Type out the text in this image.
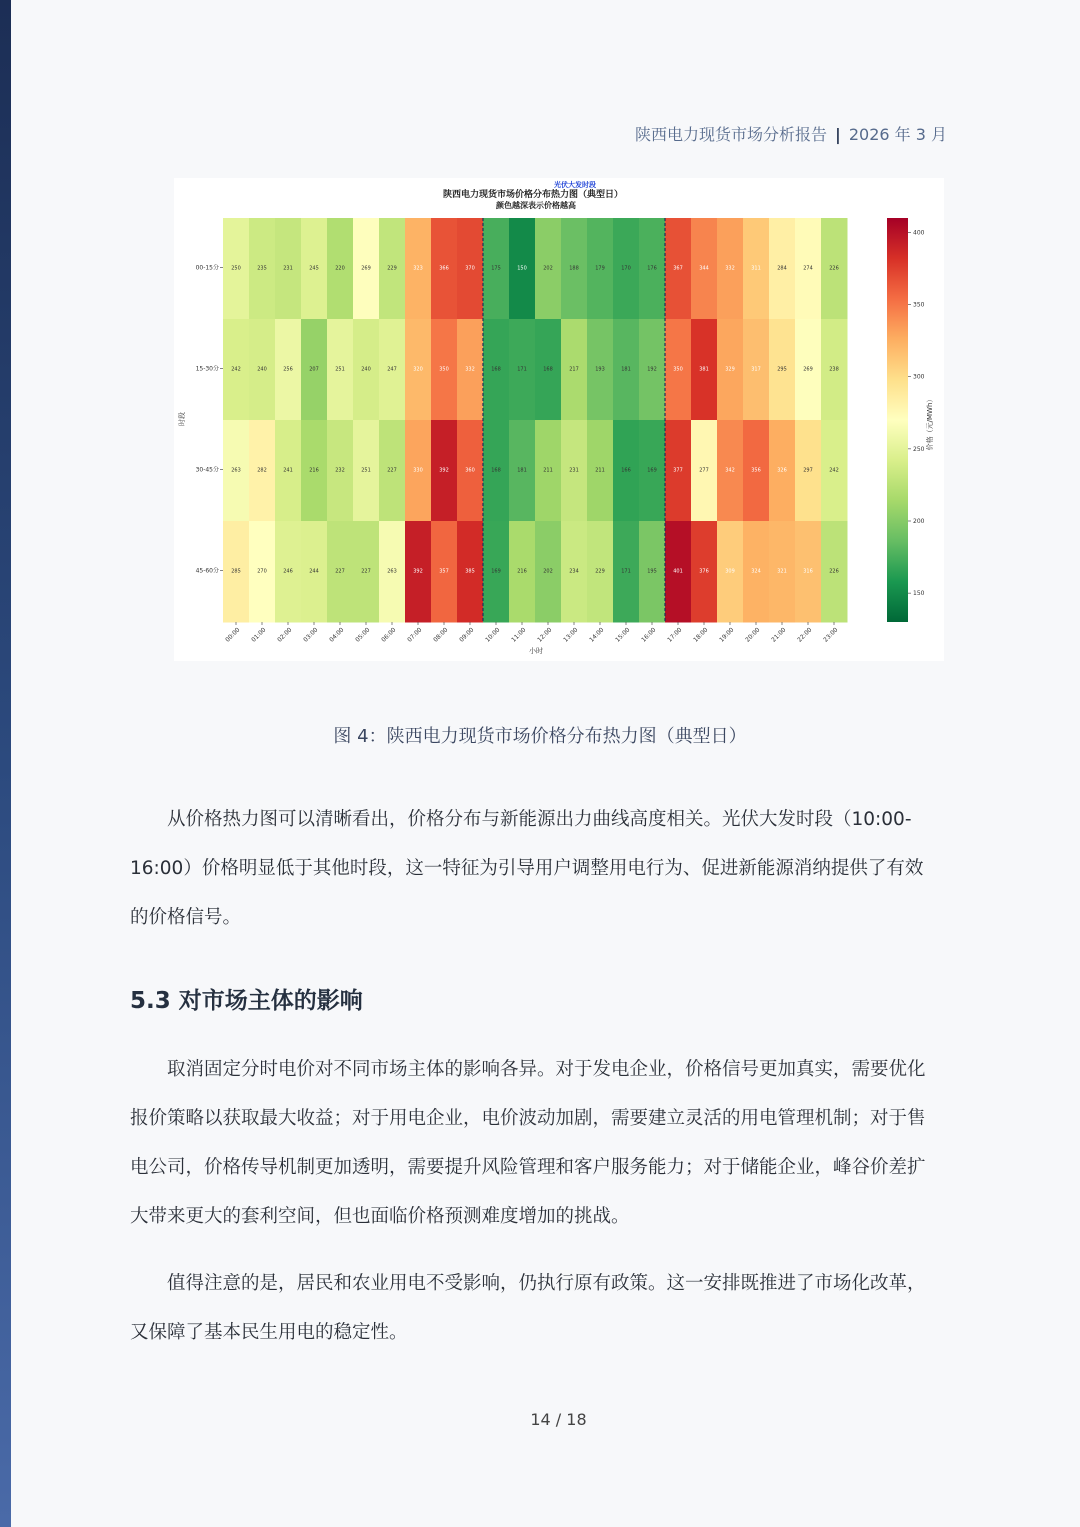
陕西电力现货市场分析报告 | 2026 年 3 月
光伏大发时段
陕西电力现货市场价格分布热力图（典型日）
颜色越深表示价格越高
250	235	231	245	220	269	229	323	366	370	175	150	202	188	179	170	176	367	344	332	311	284	274	226
242	240	256	207	251	240	247	320	350	332	168	171	168	217	193	181	192	350	381	329	317	295	269	238
263	282	241	216	232	251	227	330	392	360	168	181	211	231	211	166	169	377	277	342	356	326	297	242
285	270	246	244	227	227	263	392	357	385	169	216	202	234	229	171	195	401	376	309	324	321	316	226
00-15分
15-30分
30-45分
45-60分
00:00 01:00 02:00 03:00 04:00 05:00 06:00 07:00 08:00 09:00 10:00 11:00 12:00 13:00 14:00 15:00 16:00 17:00 18:00 19:00 20:00 21:00 22:00 23:00
时段
小时
150
200
250
300
350
400
价格（元/MWh）
图 4：陕西电力现货市场价格分布热力图（典型日）

从价格热力图可以清晰看出，价格分布与新能源出力曲线高度相关。光伏大发时段（10:00-16:00）价格明显低于其他时段，这一特征为引导用户调整用电行为、促进新能源消纳提供了有效的价格信号。

5.3 对市场主体的影响

取消固定分时电价对不同市场主体的影响各异。对于发电企业，价格信号更加真实，需要优化报价策略以获取最大收益；对于用电企业，电价波动加剧，需要建立灵活的用电管理机制；对于售电公司，价格传导机制更加透明，需要提升风险管理和客户服务能力；对于储能企业，峰谷价差扩大带来更大的套利空间，但也面临价格预测难度增加的挑战。

值得注意的是，居民和农业用电不受影响，仍执行原有政策。这一安排既推进了市场化改革，又保障了基本民生用电的稳定性。

14 / 18
